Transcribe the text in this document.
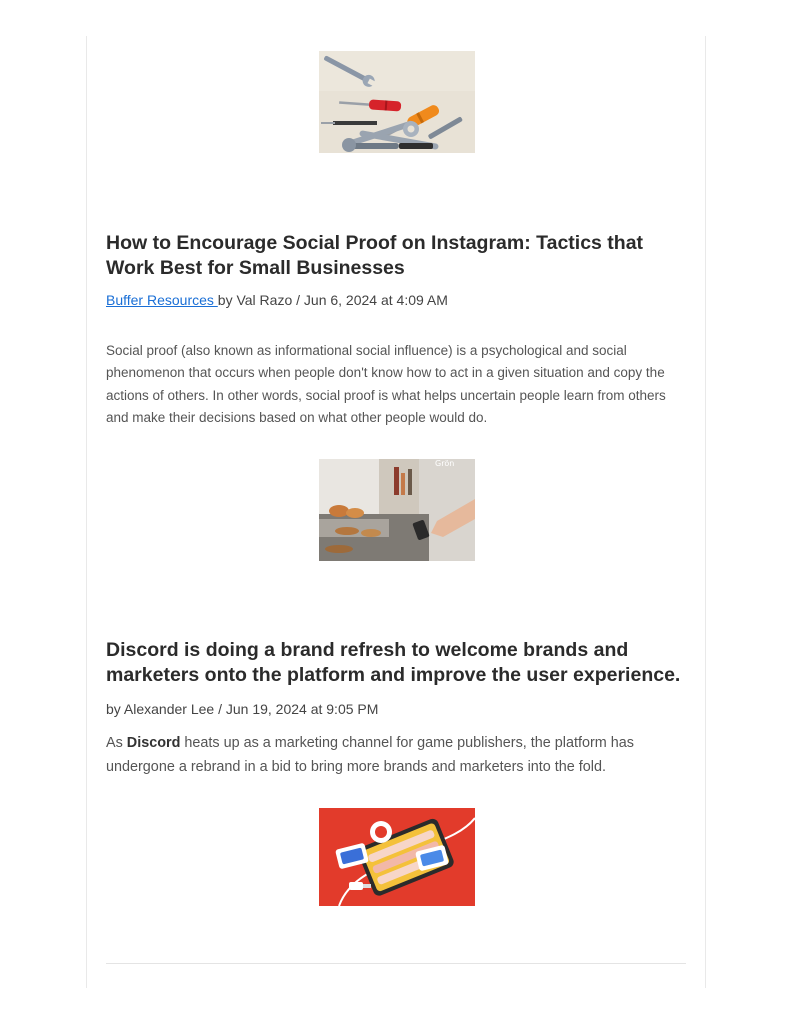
How to Encourage Social Proof on Instagram: Tactics that Work Best for Small Businesses
Buffer Resources by Val Razo / Jun 6, 2024 at 4:09 AM

Social proof (also known as informational social influence) is a psychological and social phenomenon that occurs when people don't know how to act in a given situation and copy the actions of others. In other words, social proof is what helps uncertain people learn from others and make their decisions based on what other people would do.

Grön
Discord is doing a brand refresh to welcome brands and marketers onto the platform and improve the user experience.
by Alexander Lee / Jun 19, 2024 at 9:05 PM

As Discord heats up as a marketing channel for game publishers, the platform has undergone a rebrand in a bid to bring more brands and marketers into the fold.
